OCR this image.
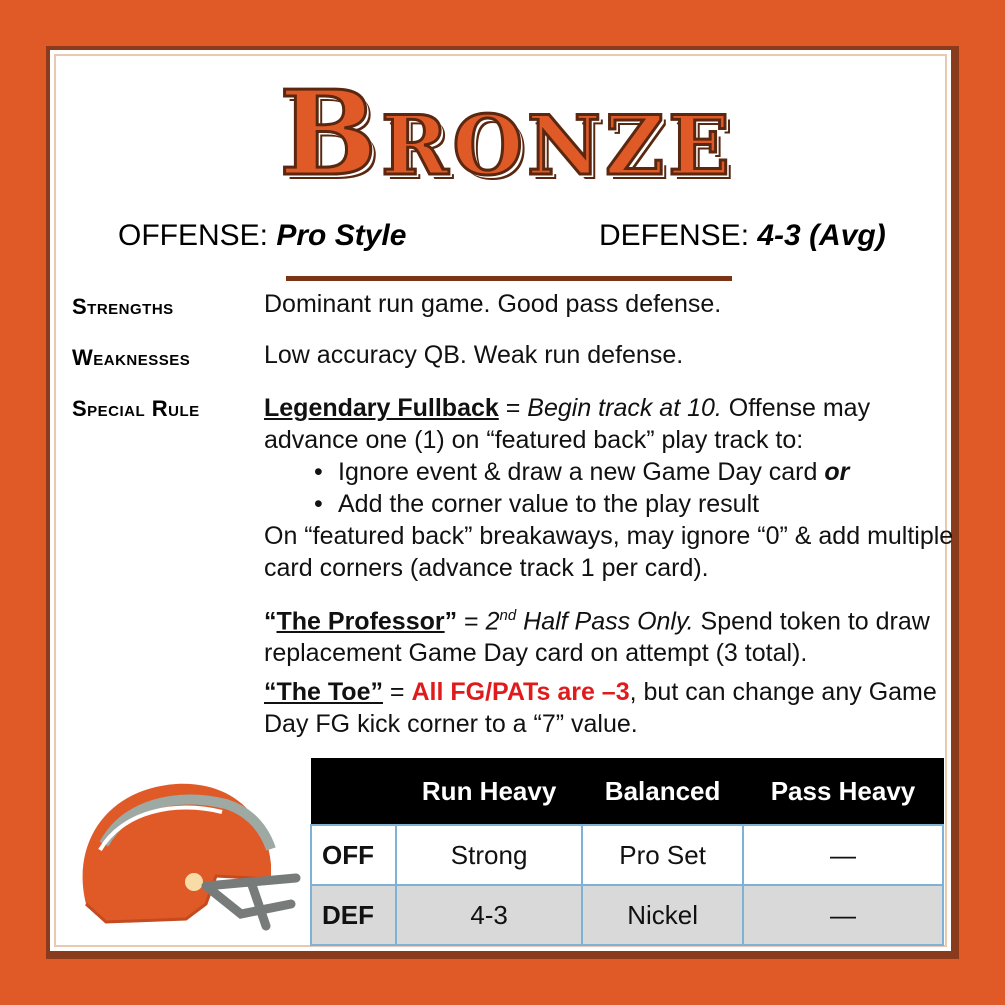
Bronze
OFFENSE: Pro Style	DEFENSE: 4-3 (Avg)
Strengths	Dominant run game. Good pass defense.
Weaknesses	Low accuracy QB. Weak run defense.
Special Rule	Legendary Fullback = Begin track at 10. Offense may advance one (1) on “featured back” play track to:
• Ignore event & draw a new Game Day card or
• Add the corner value to the play result
On “featured back” breakaways, may ignore “0” & add multiple card corners (advance track 1 per card).
“The Professor” = 2nd Half Pass Only. Spend token to draw replacement Game Day card on attempt (3 total).
“The Toe” = All FG/PATs are –3, but can change any Game Day FG kick corner to a “7” value.
	Run Heavy	Balanced	Pass Heavy
OFF	Strong	Pro Set	—
DEF	4-3	Nickel	—
